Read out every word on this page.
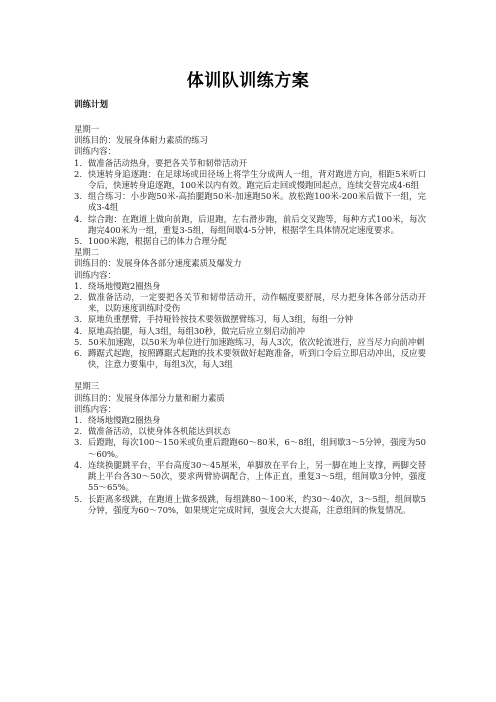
体训队训练方案
训练计划
星期一
训练目的：发展身体耐力素质的练习
训练内容：
1. 做准备活动热身，要把各关节和韧带活动开
2. 快速转身追逐跑：在足球场或田径场上将学生分成两人一组，背对跑进方向，相距5米听口令后，快速转身追逐跑，100米以内有效。跑完后走回或慢跑回起点，连续交替完成4-6组
3. 组合练习：小步跑50米-高抬腿跑50米-加速跑50米。放松跑100米-200米后做下一组，完成3-4组
4. 综合跑：在跑道上做向前跑，后退跑，左右滑步跑，前后交叉跑等，每种方式100米，每次跑完400米为一组，重复3-5组，每组间歇4-5分钟，根据学生具体情况定速度要求。
5. 1000米跑，根据自己的体力合理分配
星期二
训练目的：发展身体各部分速度素质及爆发力
训练内容：
1. 绕场地慢跑2圈热身
2. 做准备活动，一定要把各关节和韧带活动开，动作幅度要舒展，尽力把身体各部分活动开来，以防速度训练时受伤
3. 原地负重摆臂，手持哑铃按技术要领做摆臂练习，每人3组，每组一分钟
4. 原地高抬腿，每人3组，每组30秒，做完后应立刻启动前冲
5. 50米加速跑，以50米为单位进行加速跑练习，每人3次，依次轮流进行，应当尽力向前冲刺
6. 蹲踞式起跑，按照蹲踞式起跑的技术要领做好起跑准备，听到口令后立即启动冲出，反应要快，注意力要集中，每组3次，每人3组
星期三
训练目的：发展身体部分力量和耐力素质
训练内容：
1. 绕场地慢跑2圈热身
2. 做准备活动，以使身体各机能达到状态
3. 后蹬跑，每次100～150米或负重后蹬跑60～80米，6～8组，组间歇3～5分钟，强度为50～60%。
4. 连续换腿跳平台，平台高度30～45厘米，单脚放在平台上，另一脚在地上支撑，两脚交替跳上平台各30～50次，要求两臂协调配合，上体正直，重复3～5组，组间歇3分钟，强度55～65%。
5. 长距离多级跳，在跑道上做多级跳，每组跳80～100米，约30～40次，3～5组，组间歇5分钟，强度为60～70%，如果规定完成时间，强度会大大提高，注意组间的恢复情况。
